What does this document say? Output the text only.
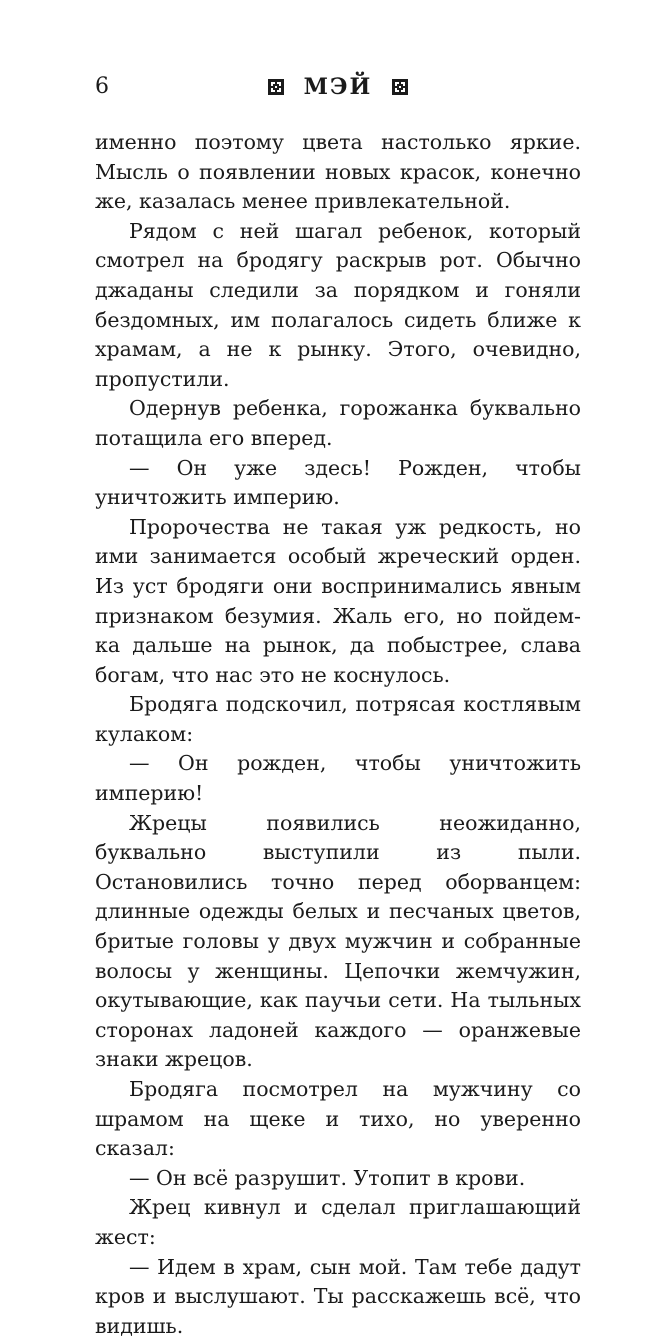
6	МЭЙ

именно поэтому цвета настолько яркие. Мысль о появлении новых красок, конечно же, казалась менее привлекательной.

Рядом с ней шагал ребенок, который смотрел на бродягу раскрыв рот. Обычно джаданы следили за порядком и гоняли бездомных, им полагалось сидеть ближе к храмам, а не к рынку. Этого, очевидно, пропустили.

Одернув ребенка, горожанка буквально потащила его вперед.

— Он уже здесь! Рожден, чтобы уничтожить империю.

Пророчества не такая уж редкость, но ими занимается особый жреческий орден. Из уст бродяги они воспринимались явным признаком безумия. Жаль его, но пойдем-ка дальше на рынок, да побыстрее, слава богам, что нас это не коснулось.

Бродяга подскочил, потрясая костлявым кулаком:

— Он рожден, чтобы уничтожить империю!

Жрецы появились неожиданно, буквально выступили из пыли. Остановились точно перед оборванцем: длинные одежды белых и песчаных цветов, бритые головы у двух мужчин и собранные волосы у женщины. Цепочки жемчужин, окутывающие, как паучьи сети. На тыльных сторонах ладоней каждого — оранжевые знаки жрецов.

Бродяга посмотрел на мужчину со шрамом на щеке и тихо, но уверенно сказал:

— Он всё разрушит. Утопит в крови.

Жрец кивнул и сделал приглашающий жест:

— Идем в храм, сын мой. Там тебе дадут кров и выслушают. Ты расскажешь всё, что видишь.
